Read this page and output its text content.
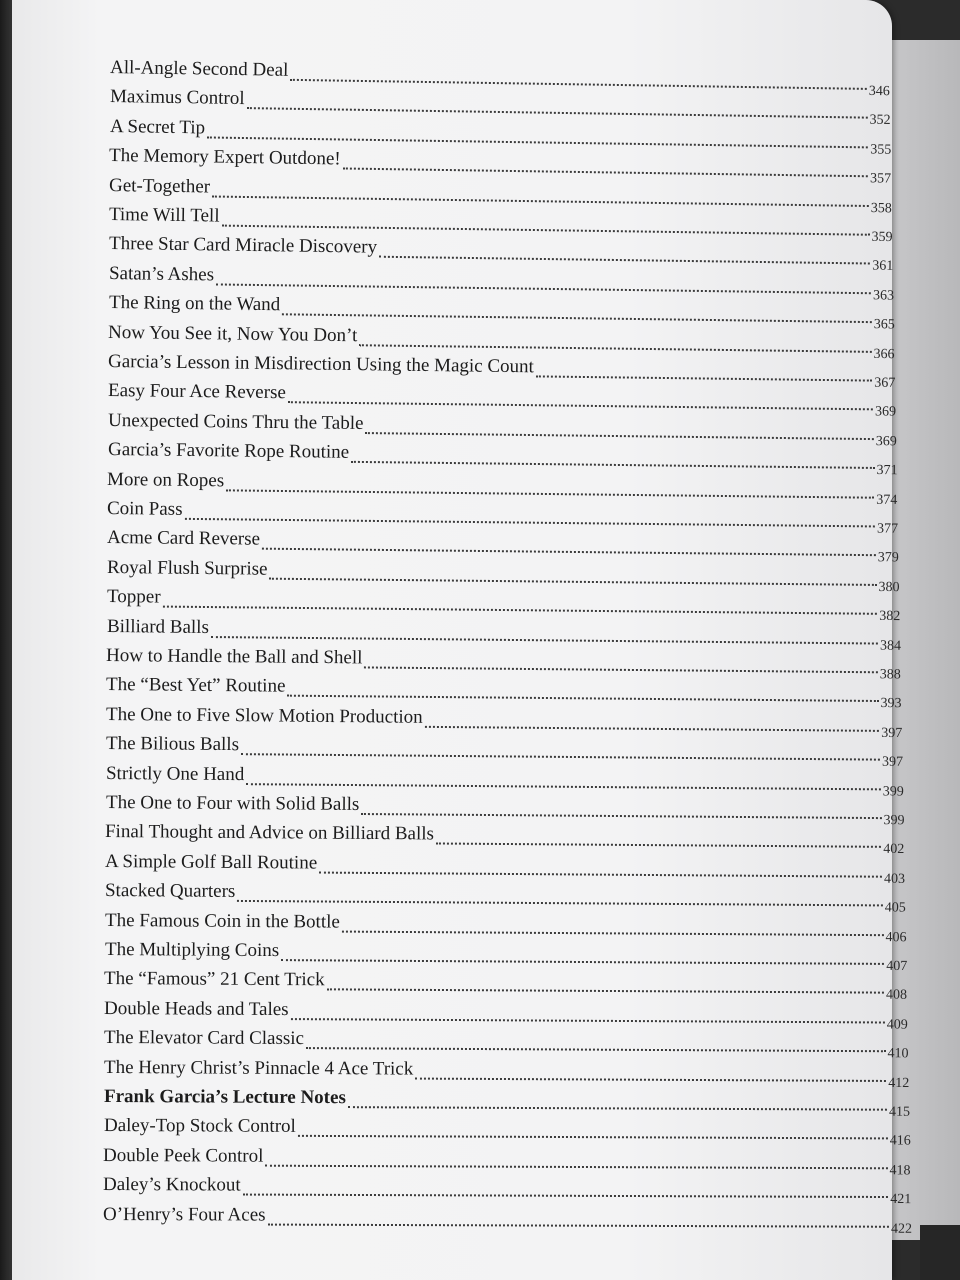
All-Angle Second Deal
346
Maximus Control
352
A Secret Tip
355
The Memory Expert Outdone!
357
Get-Together
358
Time Will Tell
359
Three Star Card Miracle Discovery
361
Satan’s Ashes
363
The Ring on the Wand
365
Now You See it, Now You Don’t
366
Garcia’s Lesson in Misdirection Using the Magic Count
367
Easy Four Ace Reverse
369
Unexpected Coins Thru the Table
369
Garcia’s Favorite Rope Routine
371
More on Ropes
374
Coin Pass
377
Acme Card Reverse
379
Royal Flush Surprise
380
Topper
382
Billiard Balls
384
How to Handle the Ball and Shell
388
The “Best Yet” Routine
393
The One to Five Slow Motion Production
397
The Bilious Balls
397
Strictly One Hand
399
The One to Four with Solid Balls
399
Final Thought and Advice on Billiard Balls
402
A Simple Golf Ball Routine
403
Stacked Quarters
405
The Famous Coin in the Bottle
406
The Multiplying Coins
407
The “Famous” 21 Cent Trick
408
Double Heads and Tales
409
The Elevator Card Classic
410
The Henry Christ’s Pinnacle 4 Ace Trick
412
Frank Garcia’s Lecture Notes
415
Daley-Top Stock Control
416
Double Peek Control
418
Daley’s Knockout
421
O’Henry’s Four Aces
422
